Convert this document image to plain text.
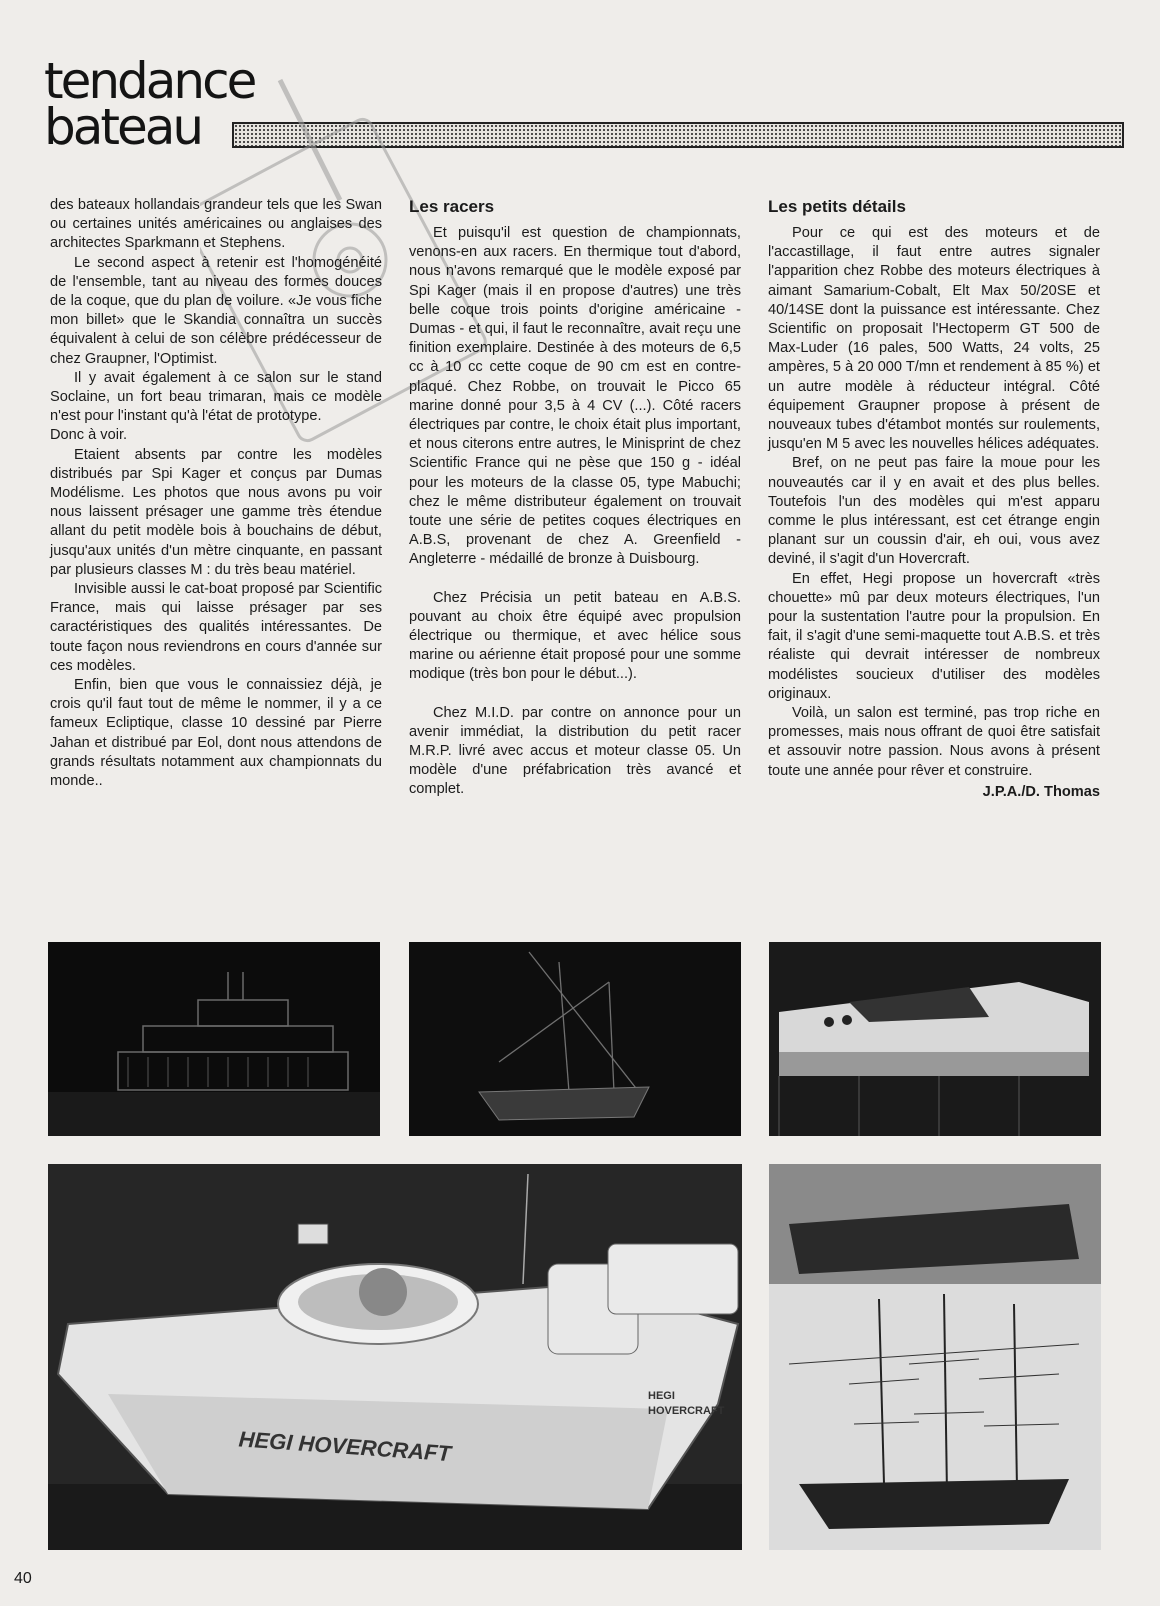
tendance
bateau

des bateaux hollandais grandeur tels que les Swan ou certaines unités américaines ou anglaises des architectes Sparkmann et Stephens.

Le second aspect à retenir est l'homogénéité de l'ensemble, tant au niveau des formes douces de la coque, que du plan de voilure. «Je vous fiche mon billet» que le Skandia connaîtra un succès équivalent à celui de son célèbre prédécesseur de chez Graupner, l'Optimist.

Il y avait également à ce salon sur le stand Soclaine, un fort beau trimaran, mais ce modèle n'est pour l'instant qu'à l'état de prototype.

Donc à voir.

Etaient absents par contre les modèles distribués par Spi Kager et conçus par Dumas Modélisme. Les photos que nous avons pu voir nous laissent présager une gamme très étendue allant du petit modèle bois à bouchains de début, jusqu'aux unités d'un mètre cinquante, en passant par plusieurs classes M : du très beau matériel.

Invisible aussi le cat-boat proposé par Scientific France, mais qui laisse présager par ses caractéristiques des qualités intéressantes. De toute façon nous reviendrons en cours d'année sur ces modèles.

Enfin, bien que vous le connaissiez déjà, je crois qu'il faut tout de même le nommer, il y a ce fameux Ecliptique, classe 10 dessiné par Pierre Jahan et distribué par Eol, dont nous attendons de grands résultats notamment aux championnats du monde..

Les racers

Et puisqu'il est question de championnats, venons-en aux racers. En thermique tout d'abord, nous n'avons remarqué que le modèle exposé par Spi Kager (mais il en propose d'autres) une très belle coque trois points d'origine américaine - Dumas - et qui, il faut le reconnaître, avait reçu une finition exemplaire. Destinée à des moteurs de 6,5 cc à 10 cc cette coque de 90 cm est en contre-plaqué. Chez Robbe, on trouvait le Picco 65 marine donné pour 3,5 à 4 CV (...). Côté racers électriques par contre, le choix était plus important, et nous citerons entre autres, le Minisprint de chez Scientific France qui ne pèse que 150 g - idéal pour les moteurs de la classe 05, type Mabuchi; chez le même distributeur également on trouvait toute une série de petites coques électriques en A.B.S, provenant de chez A. Greenfield - Angleterre - médaillé de bronze à Duisbourg.

Chez Précisia un petit bateau en A.B.S. pouvant au choix être équipé avec propulsion électrique ou thermique, et avec hélice sous marine ou aérienne était proposé pour une somme modique (très bon pour le début...).

Chez M.I.D. par contre on annonce pour un avenir immédiat, la distribution du petit racer M.R.P. livré avec accus et moteur classe 05. Un modèle d'une préfabrication très avancé et complet.

Les petits détails

Pour ce qui est des moteurs et de l'accastillage, il faut entre autres signaler l'apparition chez Robbe des moteurs électriques à aimant Samarium-Cobalt, Elt Max 50/20SE et 40/14SE dont la puissance est intéressante. Chez Scientific on proposait l'Hectoperm GT 500 de Max-Luder (16 pales, 500 Watts, 24 volts, 25 ampères, 5 à 20 000 T/mn et rendement à 85 %) et un autre modèle à réducteur intégral. Côté équipement Graupner propose à présent de nouveaux tubes d'étambot montés sur roulements, jusqu'en M 5 avec les nouvelles hélices adéquates.

Bref, on ne peut pas faire la moue pour les nouveautés car il y en avait et des plus belles. Toutefois l'un des modèles qui m'est apparu comme le plus intéressant, est cet étrange engin planant sur un coussin d'air, eh oui, vous avez deviné, il s'agit d'un Hovercraft.

En effet, Hegi propose un hovercraft «très chouette» mû par deux moteurs électriques, l'un pour la sustentation l'autre pour la propulsion. En fait, il s'agit d'une semi-maquette tout A.B.S. et très réaliste qui devrait intéresser de nombreux modélistes soucieux d'utiliser des modèles originaux.

Voilà, un salon est terminé, pas trop riche en promesses, mais nous offrant de quoi être satisfait et assouvir notre passion. Nous avons à présent toute une année pour rêver et construire.

J.P.A./D. Thomas
HEGI HOVERCRAFT
HEGI
HOVERCRAFT
40
